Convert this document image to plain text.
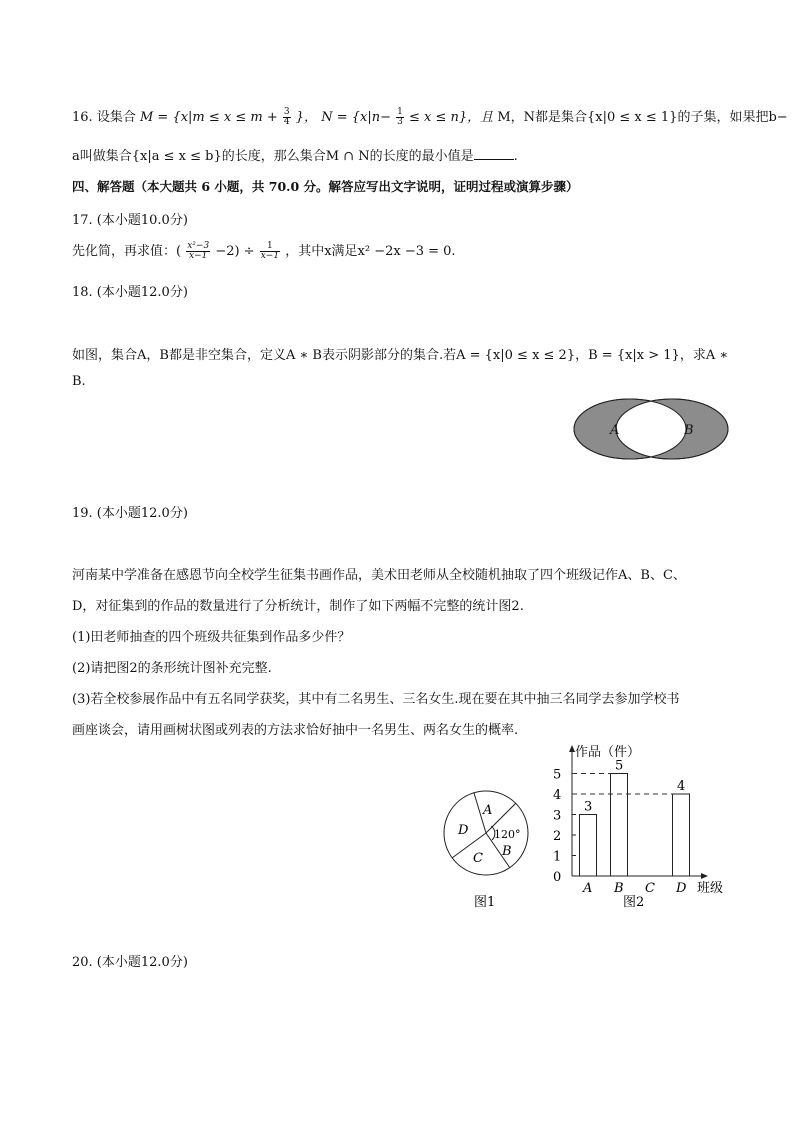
16. 设集合 $M = \{x|m \le x \le m + \frac{3}{4}$ }， $N = \{x|n- \frac{1}{3} \le x \le n\}$，且 M，N都是集合{x|0 ≤ x ≤ 1}的子集，如果把b−
a叫做集合{x|a ≤ x ≤ b}的长度，那么集合M ∩ N的长度的最小值是	.
四、解答题（本大题共 6 小题，共 70.0 分。解答应写出文字说明，证明过程或演算步骤）
17. (本小题10.0分)
先化简，再求值：( $\frac{\text{x²−3}}{x-1} -2) \div \frac{1}{x-1}$ ，其中x满足x² −2x −3 = 0.
18. (本小题12.0分)
如图，集合A，B都是非空集合，定义A ∗ B表示阴影部分的集合.若A = {x|0 ≤ x ≤ 2}，B = {x|x > 1}，求A ∗
B.
A	B
19. (本小题12.0分)
河南某中学准备在感恩节向全校学生征集书画作品，美术田老师从全校随机抽取了四个班级记作A、B、C、
D，对征集到的作品的数量进行了分析统计，制作了如下两幅不完整的统计图2.
(1)田老师抽查的四个班级共征集到作品多少件？
(2)请把图2的条形统计图补充完整.
(3)若全校参展作品中有五名同学获奖，其中有二名男生、三名女生.现在要在其中抽三名同学去参加学校书
画座谈会，请用画树状图或列表的方法求恰好抽中一名男生、两名女生的概率.
A
B
C
D 120°
图1
作品（件）
班级
0
1
2
3
4
5
A
3
B
5
C D
4
图2
20. (本小题12.0分)
